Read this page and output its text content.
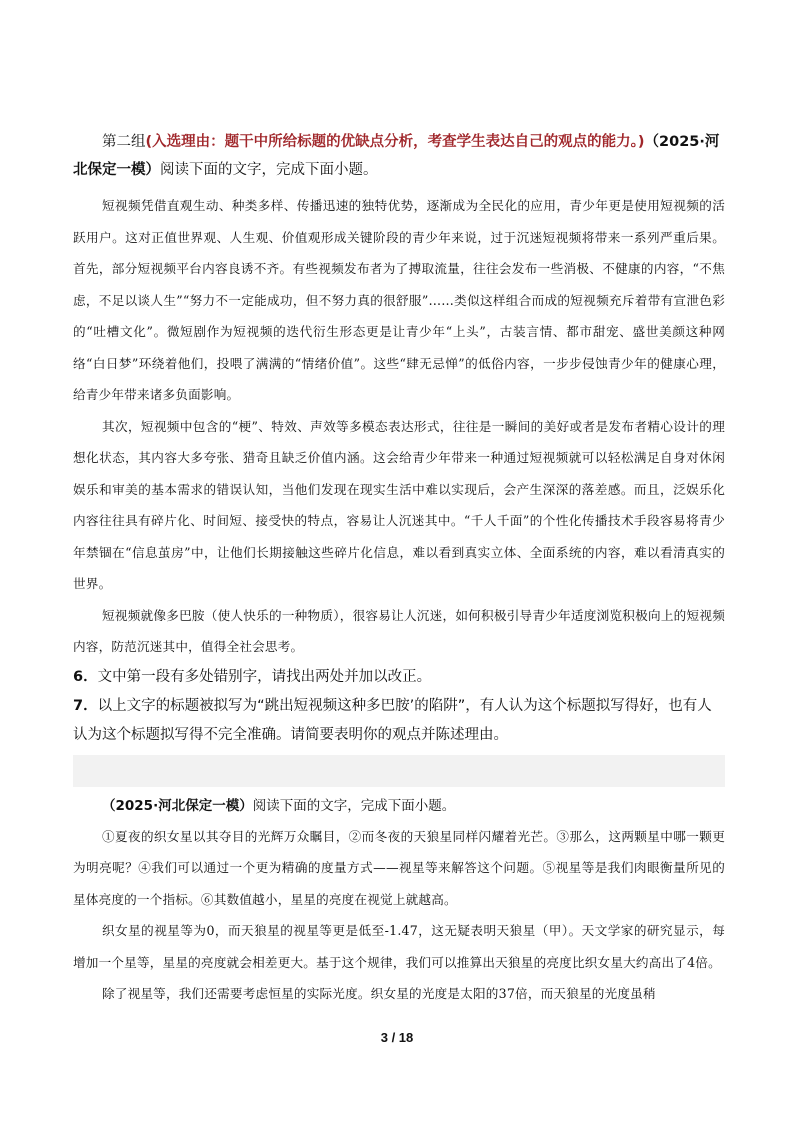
第二组(入选理由：题干中所给标题的优缺点分析，考查学生表达自己的观点的能力。)（2025·河北保定一模）阅读下面的文字，完成下面小题。

短视频凭借直观生动、种类多样、传播迅速的独特优势，逐渐成为全民化的应用，青少年更是使用短视频的活跃用户。这对正值世界观、人生观、价值观形成关键阶段的青少年来说，过于沉迷短视频将带来一系列严重后果。首先，部分短视频平台内容良诱不齐。有些视频发布者为了搏取流量，往往会发布一些消极、不健康的内容，“不焦虑，不足以谈人生”“努力不一定能成功，但不努力真的很舒服”……类似这样组合而成的短视频充斥着带有宣泄色彩的“吐槽文化”。微短剧作为短视频的迭代衍生形态更是让青少年“上头”，古装言情、都市甜宠、盛世美颜这种网络“白日梦”环绕着他们，投喂了满满的“情绪价值”。这些“肆无忌惮”的低俗内容，一步步侵蚀青少年的健康心理，给青少年带来诸多负面影响。

其次，短视频中包含的“梗”、特效、声效等多模态表达形式，往往是一瞬间的美好或者是发布者精心设计的理想化状态，其内容大多夸张、猎奇且缺乏价值内涵。这会给青少年带来一种通过短视频就可以轻松满足自身对休闲娱乐和审美的基本需求的错误认知，当他们发现在现实生活中难以实现后，会产生深深的落差感。而且，泛娱乐化内容往往具有碎片化、时间短、接受快的特点，容易让人沉迷其中。“千人千面”的个性化传播技术手段容易将青少年禁锢在“信息茧房”中，让他们长期接触这些碎片化信息，难以看到真实立体、全面系统的内容，难以看清真实的世界。

短视频就像多巴胺（使人快乐的一种物质），很容易让人沉迷，如何积极引导青少年适度浏览积极向上的短视频内容，防范沉迷其中，值得全社会思考。

6．文中第一段有多处错别字，请找出两处并加以改正。

7．以上文字的标题被拟写为“跳出短视频这种多巴胺’的陷阱”，有人认为这个标题拟写得好，也有人认为这个标题拟写得不完全准确。请简要表明你的观点并陈述理由。

（2025·河北保定一模）阅读下面的文字，完成下面小题。

①夏夜的织女星以其夺目的光辉万众瞩目，②而冬夜的天狼星同样闪耀着光芒。③那么，这两颗星中哪一颗更为明亮呢？④我们可以通过一个更为精确的度量方式——视星等来解答这个问题。⑤视星等是我们肉眼衡量所见的星体亮度的一个指标。⑥其数值越小，星星的亮度在视觉上就越高。

织女星的视星等为0，而天狼星的视星等更是低至-1.47，这无疑表明天狼星（甲）。天文学家的研究显示，每增加一个星等，星星的亮度就会相差更大。基于这个规律，我们可以推算出天狼星的亮度比织女星大约高出了4倍。

除了视星等，我们还需要考虑恒星的实际光度。织女星的光度是太阳的37倍，而天狼星的光度虽稍

3 / 18
